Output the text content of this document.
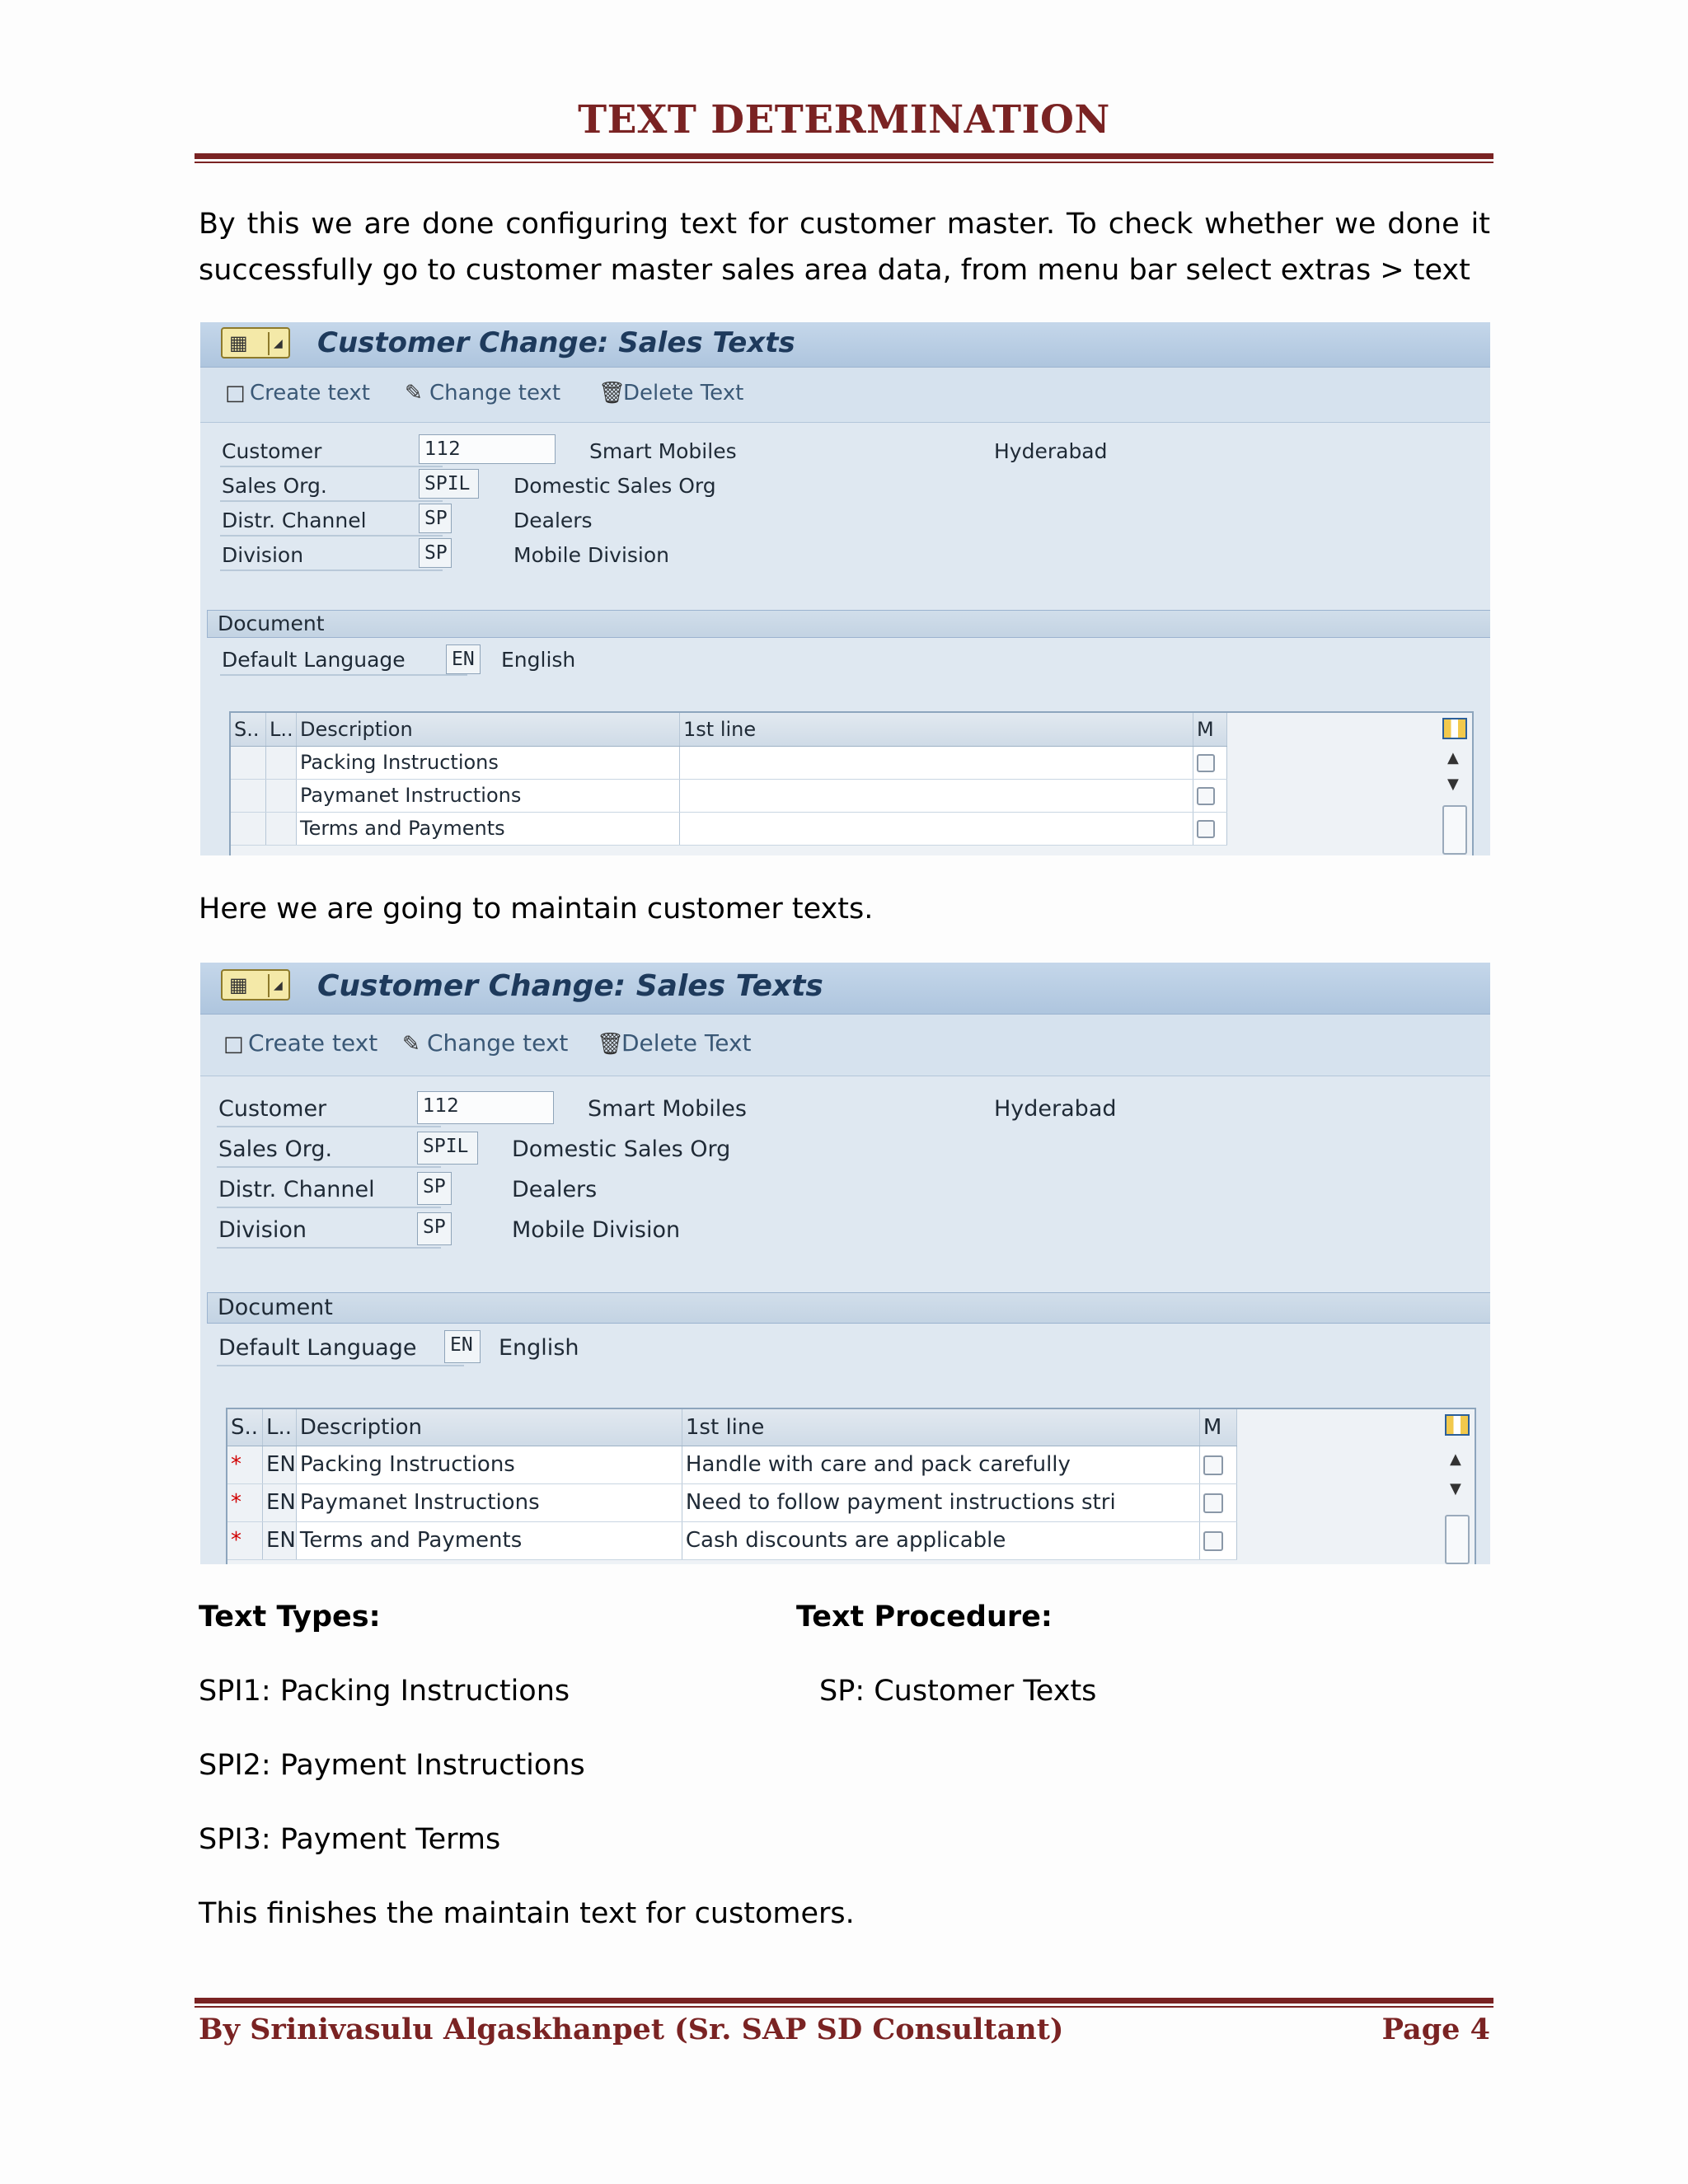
TEXT DETERMINATION
By this we are done configuring text for customer master. To check whether we done it successfully go to customer master sales area data, from menu bar select extras > text
▦	◢ Customer Change: Sales Texts
□ Create text ✎ Change text 🗑Delete Text
Customer	112	Smart Mobiles	Hyderabad
Sales Org.	SPIL	Domestic Sales Org
Distr. Channel	SP	Dealers
Division	SP	Mobile Division
Document
Default Language	EN English
S..	L..	Description	1st line	M
		Packing Instructions		
		Paymanet Instructions		
		Terms and Payments		
▲
▼
Here we are going to maintain customer texts.
▦	◢ Customer Change: Sales Texts
□ Create text ✎ Change text 🗑Delete Text
Customer	112	Smart Mobiles	Hyderabad
Sales Org.	SPIL	Domestic Sales Org
Distr. Channel	SP	Dealers
Division	SP	Mobile Division
Document
Default Language	EN	English
S..	L..	Description	1st line	M
*	EN	Packing Instructions	Handle with care and pack carefully	
*	EN	Paymanet Instructions	Need to follow payment instructions stri	
*	EN	Terms and Payments	Cash discounts are applicable	
▲
▼
Text Types:	Text Procedure:
SPI1: Packing Instructions	SP: Customer Texts
SPI2: Payment Instructions
SPI3: Payment Terms
This finishes the maintain text for customers.
By Srinivasulu Algaskhanpet (Sr. SAP SD Consultant)	Page 4
